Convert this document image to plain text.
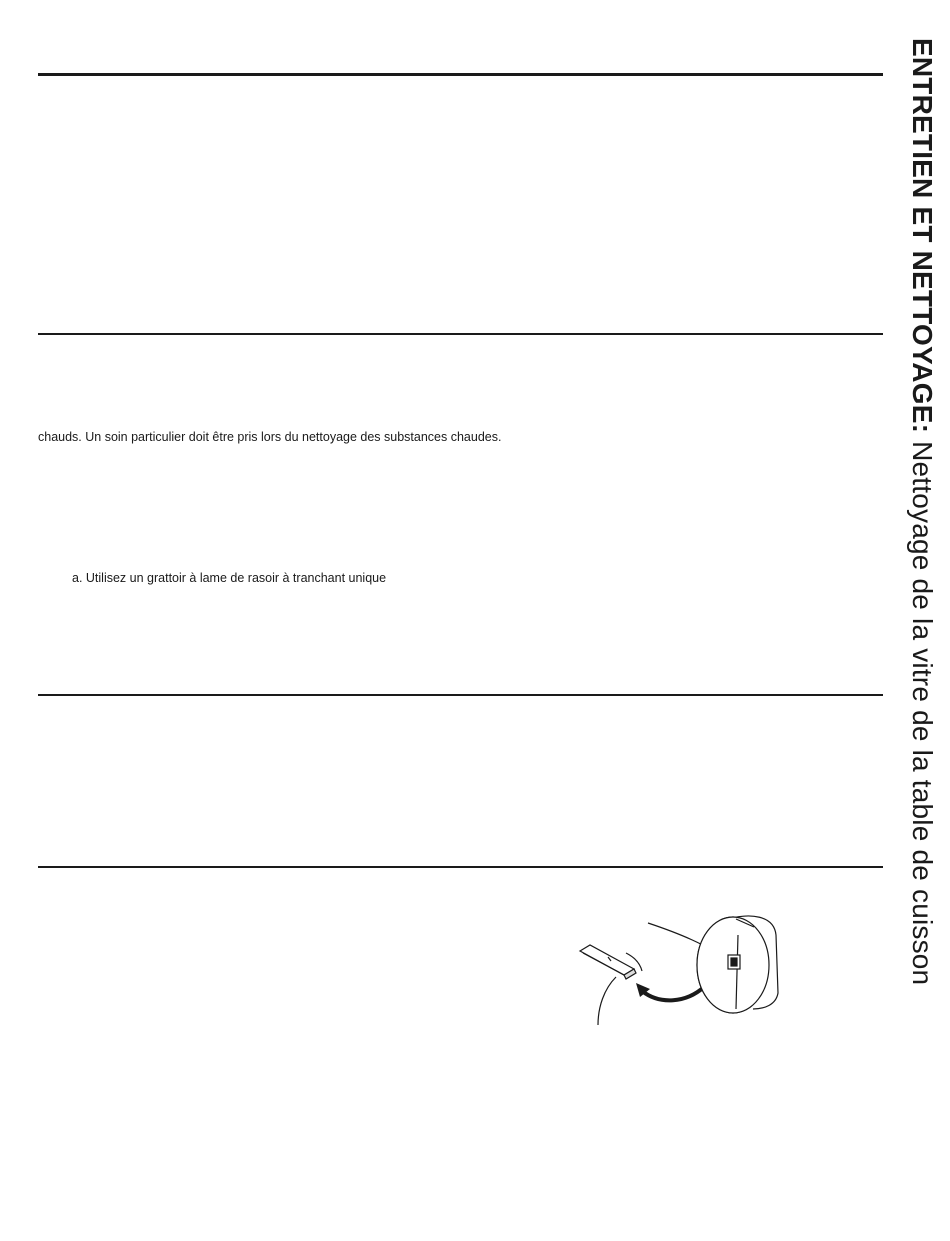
chauds. Un soin particulier doit être pris lors du nettoyage des substances chaudes.
a. Utilisez un grattoir à lame de rasoir à tranchant unique
ENTRETIEN ET NETTOYAGE: Nettoyage de la vitre de la table de cuisson
